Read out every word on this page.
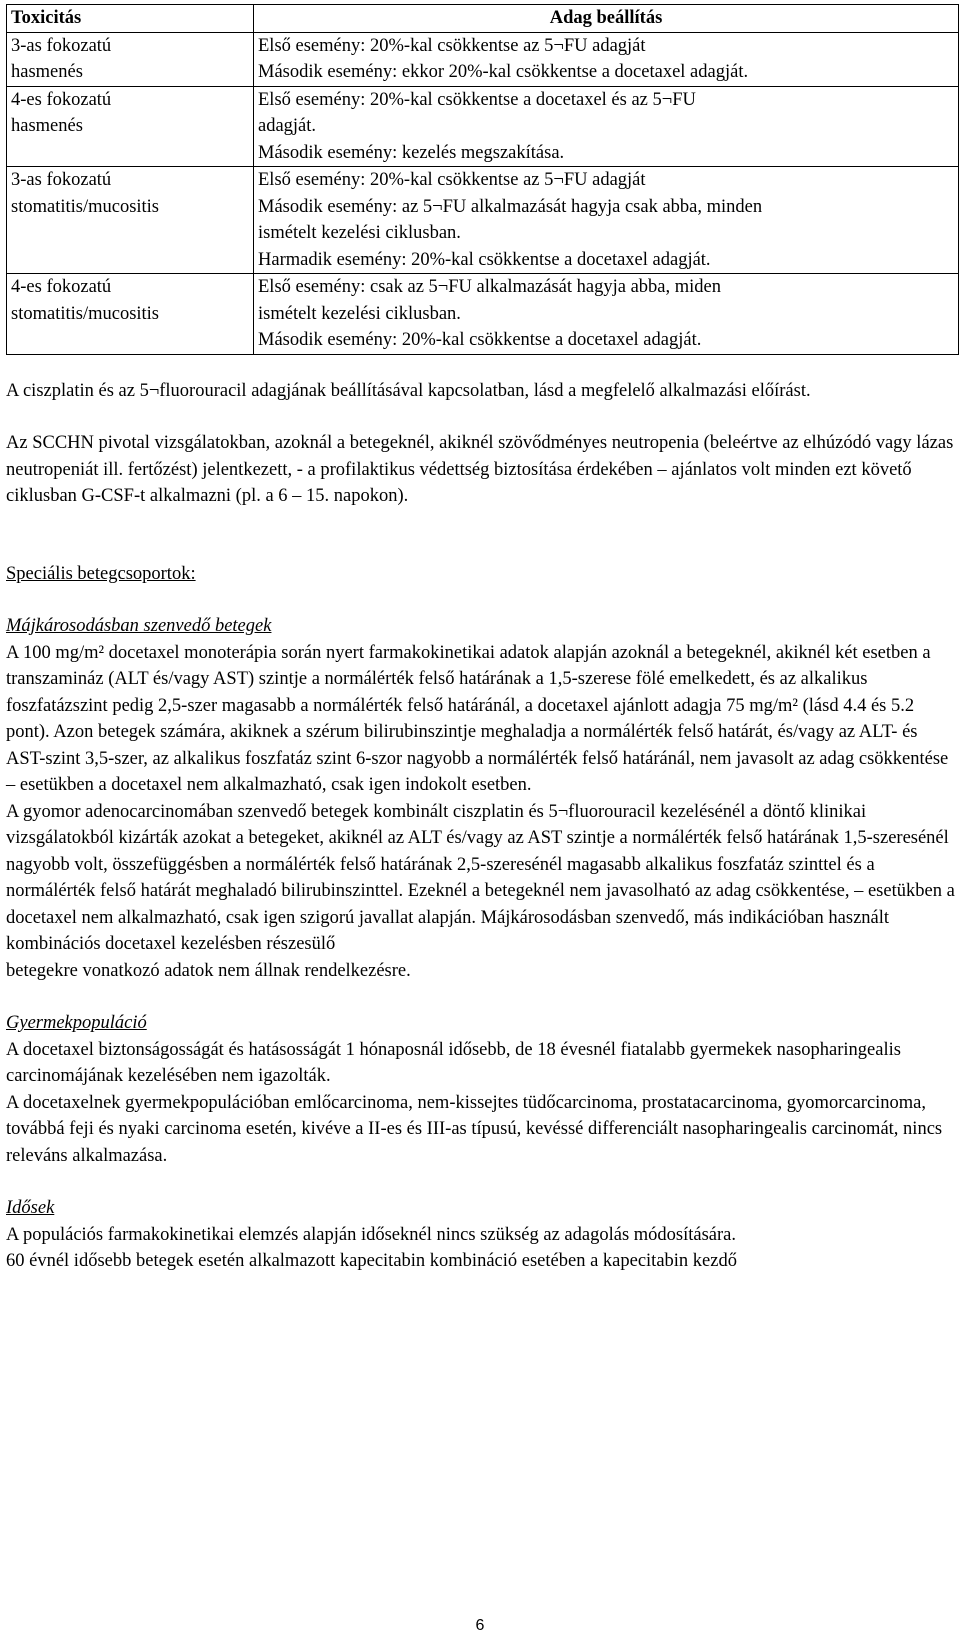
Toxicitás	Adag beállítás

3-as fokozatú
hasmenés	Első esemény: 20%-kal csökkentse az 5¬FU adagját
Második esemény: ekkor 20%-kal csökkentse a docetaxel adagját.

4-es fokozatú
hasmenés	Első esemény: 20%-kal csökkentse a docetaxel és az 5¬FU
adagját.
Második esemény: kezelés megszakítása.

3-as fokozatú
stomatitis/mucositis	Első esemény: 20%-kal csökkentse az 5¬FU adagját
Második esemény: az 5¬FU alkalmazását hagyja csak abba, minden
ismételt kezelési ciklusban.
Harmadik esemény: 20%-kal csökkentse a docetaxel adagját.

4-es fokozatú
stomatitis/mucositis	Első esemény: csak az 5¬FU alkalmazását hagyja abba, miden
ismételt kezelési ciklusban.
Második esemény: 20%-kal csökkentse a docetaxel adagját.

A ciszplatin és az 5¬fluorouracil adagjának beállításával kapcsolatban, lásd a megfelelő alkalmazási előírást.

Az SCCHN pivotal vizsgálatokban, azoknál a betegeknél, akiknél szövődményes neutropenia (beleértve az elhúzódó vagy lázas neutropeniát ill. fertőzést) jelentkezett, - a profilaktikus védettség biztosítása érdekében – ajánlatos volt minden ezt követő ciklusban G-CSF-t alkalmazni (pl. a 6 – 15. napokon).

Speciális betegcsoportok:

Májkárosodásban szenvedő betegek

A 100 mg/m² docetaxel monoterápia során nyert farmakokinetikai adatok alapján azoknál a betegeknél, akiknél két esetben a transzamináz (ALT és/vagy AST) szintje a normálérték felső határának a 1,5-szerese fölé emelkedett, és az alkalikus foszfatázszint pedig 2,5-szer magasabb a normálérték felső határánál, a docetaxel ajánlott adagja 75 mg/m² (lásd 4.4 és 5.2 pont). Azon betegek számára, akiknek a szérum bilirubinszintje meghaladja a normálérték felső határát, és/vagy az ALT- és AST-szint 3,5-szer, az alkalikus foszfatáz szint 6-szor nagyobb a normálérték felső határánál, nem javasolt az adag csökkentése – esetükben a docetaxel nem alkalmazható, csak igen indokolt esetben.

A gyomor adenocarcinomában szenvedő betegek kombinált ciszplatin és 5¬fluorouracil kezelésénél a döntő klinikai vizsgálatokból kizárták azokat a betegeket, akiknél az ALT és/vagy az AST szintje a normálérték felső határának 1,5-szeresénél nagyobb volt, összefüggésben a normálérték felső határának 2,5-szeresénél magasabb alkalikus foszfatáz szinttel és a normálérték felső határát meghaladó bilirubinszinttel. Ezeknél a betegeknél nem javasolható az adag csökkentése, – esetükben a docetaxel nem alkalmazható, csak igen szigorú javallat alapján. Májkárosodásban szenvedő, más indikációban használt kombinációs docetaxel kezelésben részesülő

betegekre vonatkozó adatok nem állnak rendelkezésre.

Gyermekpopuláció

A docetaxel biztonságosságát és hatásosságát 1 hónaposnál idősebb, de 18 évesnél fiatalabb gyermekek nasopharingealis carcinomájának kezelésében nem igazolták.

A docetaxelnek gyermekpopulációban emlőcarcinoma, nem-kissejtes tüdőcarcinoma, prostatacarcinoma, gyomorcarcinoma, továbbá feji és nyaki carcinoma esetén, kivéve a II-es és III-as típusú, kevéssé differenciált nasopharingealis carcinomát, nincs releváns alkalmazása.

Idősek

A populációs farmakokinetikai elemzés alapján időseknél nincs szükség az adagolás módosítására.

60 évnél idősebb betegek esetén alkalmazott kapecitabin kombináció esetében a kapecitabin kezdő

6
